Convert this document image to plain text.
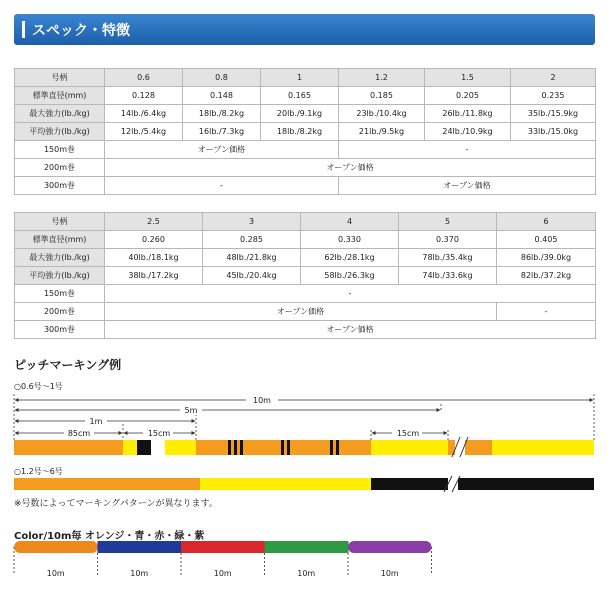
スペック・特徴
号柄	0.6	0.8	1	1.2	1.5	2
標準直径(mm)	0.128	0.148	0.165	0.185	0.205	0.235
最大強力(lb./kg)	14lb./6.4kg	18lb./8.2kg	20lb./9.1kg	23lb./10.4kg	26lb./11.8kg	35lb./15.9kg
平均強力(lb./kg)	12lb./5.4kg	16lb./7.3kg	18lb./8.2kg	21lb./9.5kg	24lb./10.9kg	33lb./15.0kg
150m巻	オープン価格			-		
200m巻	オープン価格					
300m巻	-			オープン価格		
号柄	2.5	3	4	5	6
標準直径(mm)	0.260	0.285	0.330	0.370	0.405
最大強力(lb./kg)	40lb./18.1kg	48lb./21.8kg	62lb./28.1kg	78lb./35.4kg	86lb./39.0kg
平均強力(lb./kg)	38lb./17.2kg	45lb./20.4kg	58lb./26.3kg	74lb./33.6kg	82lb./37.2kg
150m巻	-				
200m巻	オープン価格				-
300m巻	オープン価格				
ピッチマーキング例
○0.6号～1号
○1.2号～6号
10m
5m
1m
85cm	15cm	15cm
10m	10m	10m	10m	10m
※号数によってマーキングパターンが異なります。
Color/10m毎 オレンジ・青・赤・緑・紫
